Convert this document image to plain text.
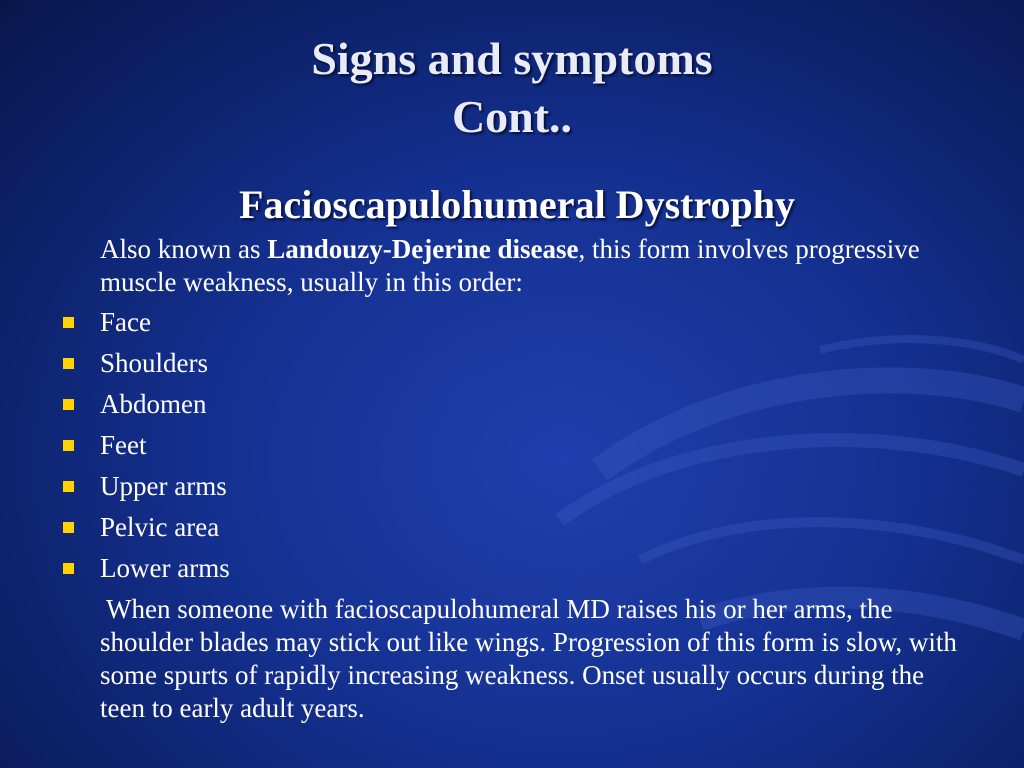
Signs and symptoms
Cont..
Facioscapulohumeral Dystrophy
Also known as Landouzy-Dejerine disease, this form involves progressive muscle weakness, usually in this order:
Face
Shoulders
Abdomen
Feet
Upper arms
Pelvic area
Lower arms
When someone with facioscapulohumeral MD raises his or her arms, the shoulder blades may stick out like wings. Progression of this form is slow, with some spurts of rapidly increasing weakness. Onset usually occurs during the teen to early adult years.
